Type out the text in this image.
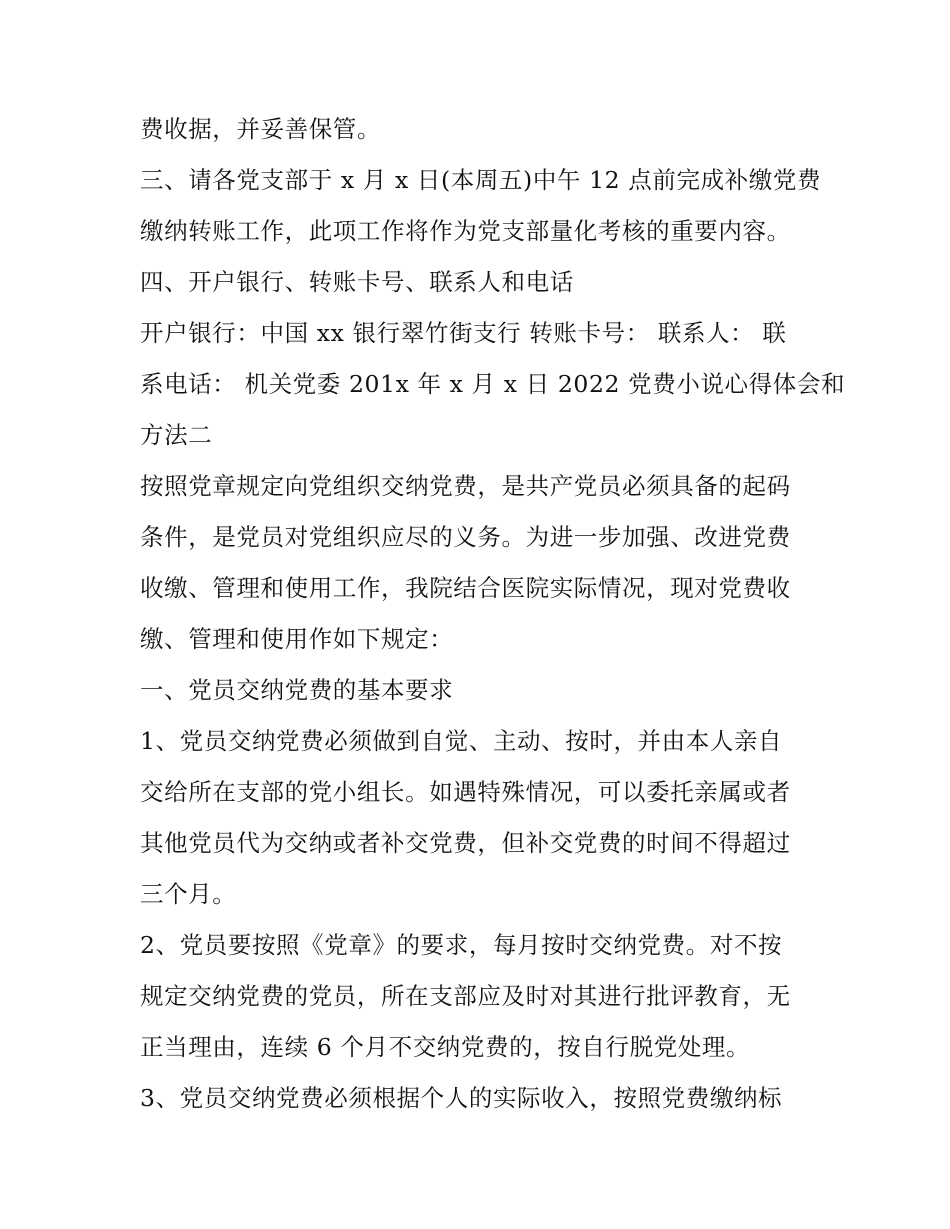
费收据，并妥善保管。
三、请各党支部于 x 月 x 日(本周五)中午 12 点前完成补缴党费
缴纳转账工作，此项工作将作为党支部量化考核的重要内容。
四、开户银行、转账卡号、联系人和电话
开户银行：中国 xx 银行翠竹街支行 转账卡号： 联系人： 联
系电话： 机关党委 201x 年 x 月 x 日 2022 党费小说心得体会和
方法二
按照党章规定向党组织交纳党费，是共产党员必须具备的起码
条件，是党员对党组织应尽的义务。为进一步加强、改进党费
收缴、管理和使用工作，我院结合医院实际情况，现对党费收
缴、管理和使用作如下规定：
一、党员交纳党费的基本要求
1、党员交纳党费必须做到自觉、主动、按时，并由本人亲自
交给所在支部的党小组长。如遇特殊情况，可以委托亲属或者
其他党员代为交纳或者补交党费，但补交党费的时间不得超过
三个月。
2、党员要按照《党章》的要求，每月按时交纳党费。对不按
规定交纳党费的党员，所在支部应及时对其进行批评教育，无
正当理由，连续 6 个月不交纳党费的，按自行脱党处理。
3、党员交纳党费必须根据个人的实际收入，按照党费缴纳标
